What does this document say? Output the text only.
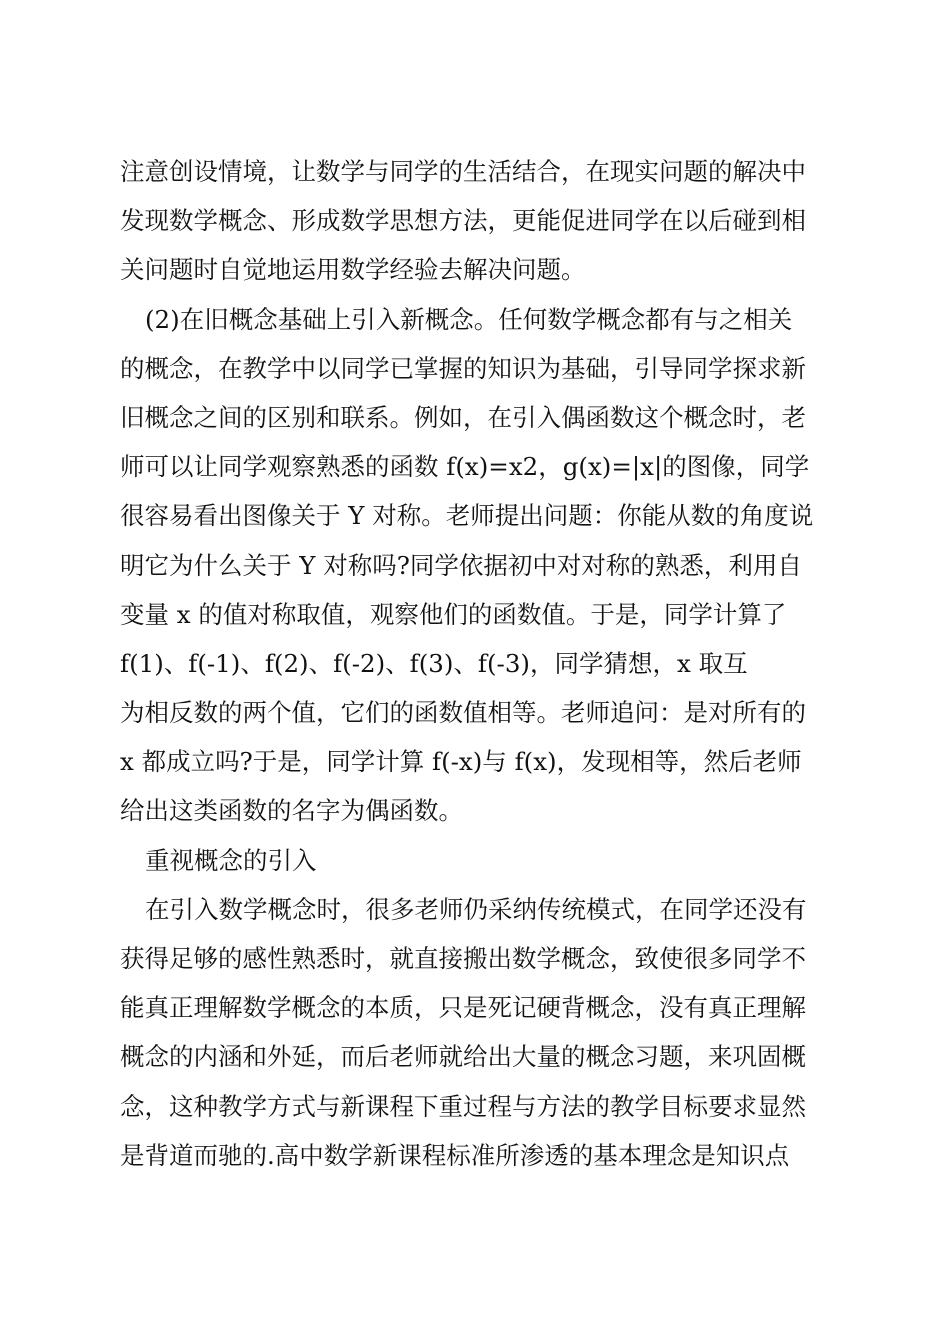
注意创设情境，让数学与同学的生活结合，在现实问题的解决中
发现数学概念、形成数学思想方法，更能促进同学在以后碰到相
关问题时自觉地运用数学经验去解决问题。
(2)在旧概念基础上引入新概念。任何数学概念都有与之相关
的概念，在教学中以同学已掌握的知识为基础，引导同学探求新
旧概念之间的区别和联系。例如，在引入偶函数这个概念时，老
师可以让同学观察熟悉的函数 f(x)=x2，g(x)=|x|的图像，同学
很容易看出图像关于 Y 对称。老师提出问题：你能从数的角度说
明它为什么关于 Y 对称吗?同学依据初中对对称的熟悉，利用自
变量 x 的值对称取值，观察他们的函数值。于是，同学计算了
f(1)、f(-1)、f(2)、f(-2)、f(3)、f(-3)，同学猜想，x 取互
为相反数的两个值，它们的函数值相等。老师追问：是对所有的
x 都成立吗?于是，同学计算 f(-x)与 f(x)，发现相等，然后老师
给出这类函数的名字为偶函数。
重视概念的引入
在引入数学概念时，很多老师仍采纳传统模式，在同学还没有
获得足够的感性熟悉时，就直接搬出数学概念，致使很多同学不
能真正理解数学概念的本质，只是死记硬背概念，没有真正理解
概念的内涵和外延，而后老师就给出大量的概念习题，来巩固概
念，这种教学方式与新课程下重过程与方法的教学目标要求显然
是背道而驰的.高中数学新课程标准所渗透的基本理念是知识点
